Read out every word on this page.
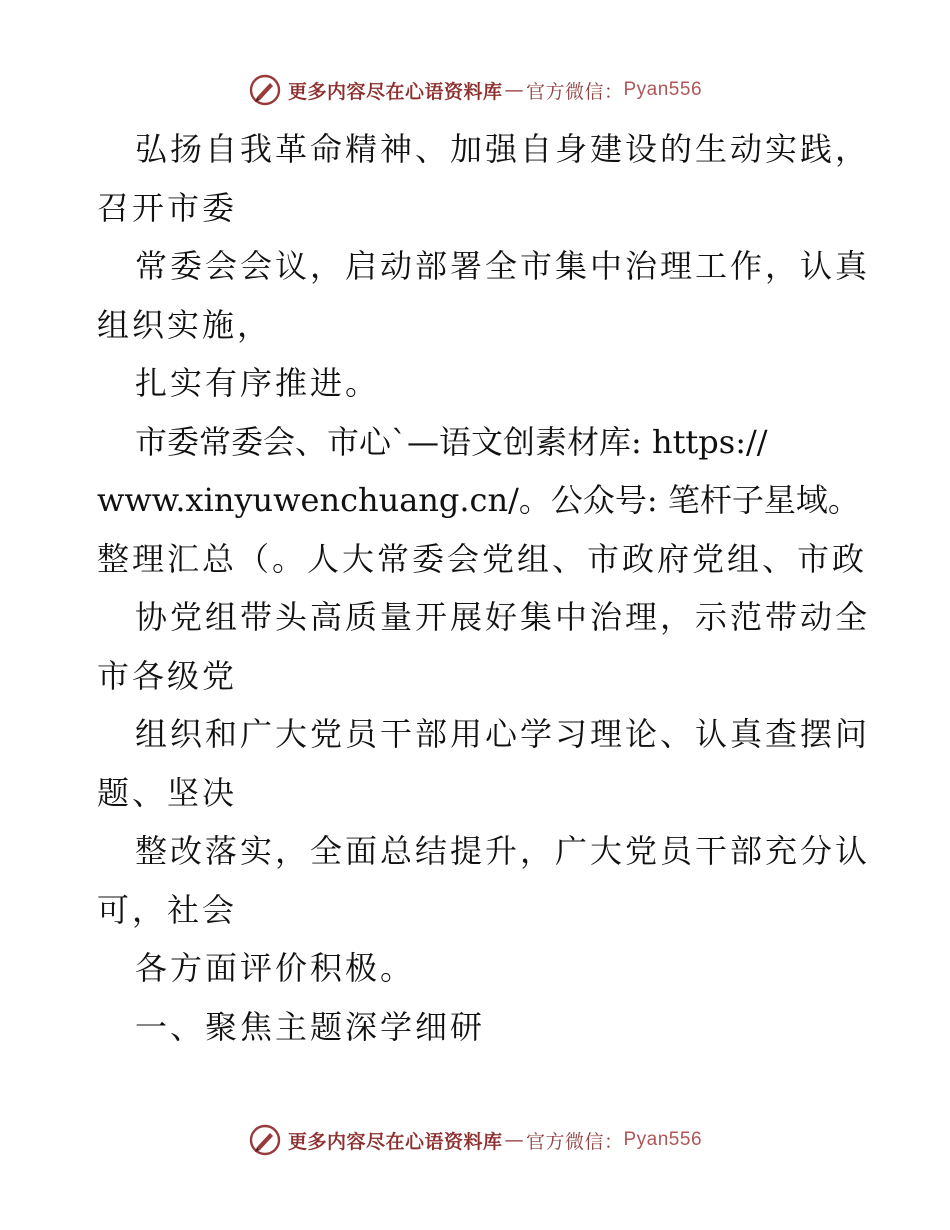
更多内容尽在心语资料库 — 官方微信： Pyan556
弘扬自我革命精神、加强自身建设的生动实践，
召开市委
常委会会议，启动部署全市集中治理工作，认真
组织实施，
扎实有序推进。
市委常委会、市心`—语文创素材库: https://
www.xinyuwenchuang.cn/。公众号: 笔杆子星域。
整理汇总（。人大常委会党组、市政府党组、市政
协党组带头高质量开展好集中治理，示范带动全
市各级党
组织和广大党员干部用心学习理论、认真查摆问
题、坚决
整改落实，全面总结提升，广大党员干部充分认
可，社会
各方面评价积极。
一、聚焦主题深学细研
更多内容尽在心语资料库 — 官方微信： Pyan556
